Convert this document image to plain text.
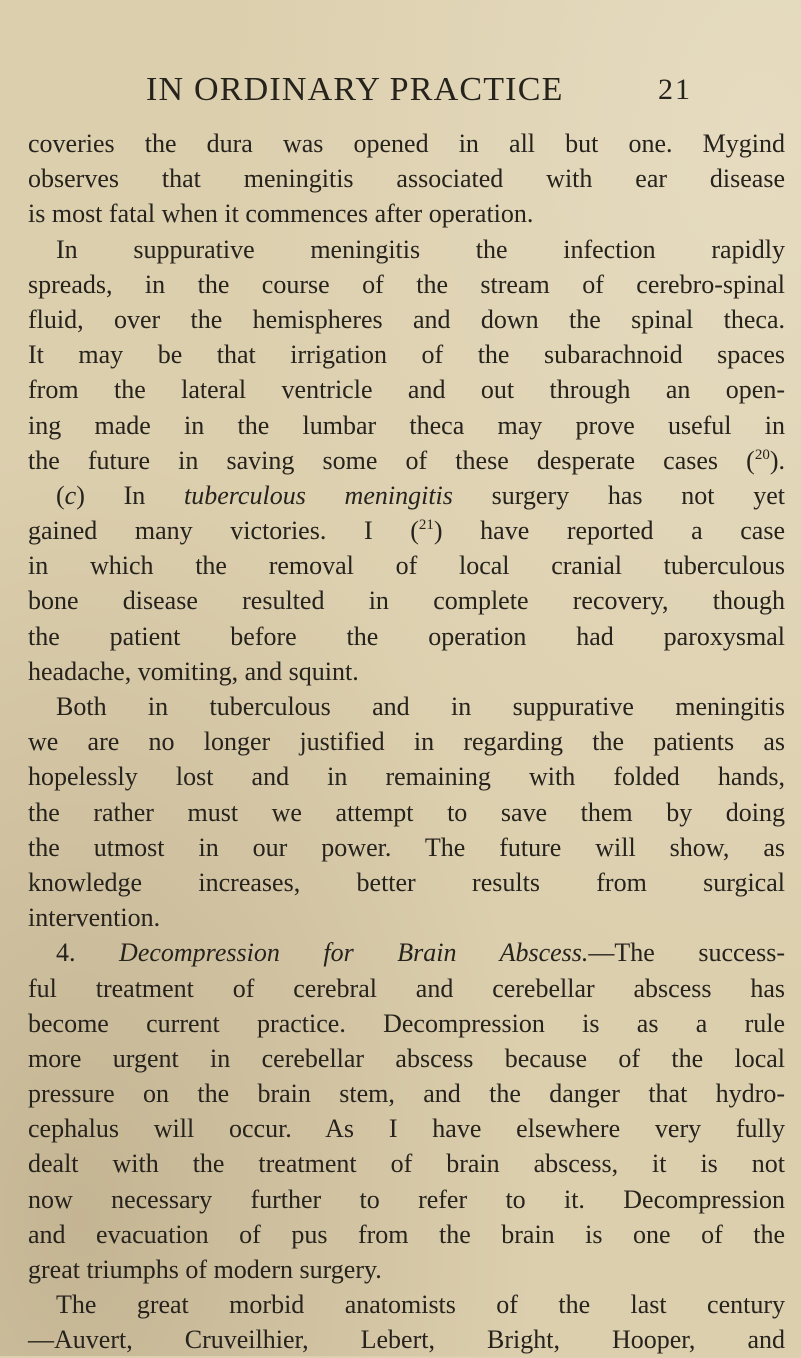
IN ORDINARY PRACTICE	21
coveries the dura was opened in all but one. Mygind
observes that meningitis associated with ear disease
is most fatal when it commences after operation.
In suppurative meningitis the infection rapidly
spreads, in the course of the stream of cerebro-spinal
fluid, over the hemispheres and down the spinal theca.
It may be that irrigation of the subarachnoid spaces
from the lateral ventricle and out through an open-
ing made in the lumbar theca may prove useful in
the future in saving some of these desperate cases ($^{20}$).
(c) In tuberculous meningitis surgery has not yet
gained many victories. I ($^{21}$) have reported a case
in which the removal of local cranial tuberculous
bone disease resulted in complete recovery, though
the patient before the operation had paroxysmal
headache, vomiting, and squint.
Both in tuberculous and in suppurative meningitis
we are no longer justified in regarding the patients as
hopelessly lost and in remaining with folded hands,
the rather must we attempt to save them by doing
the utmost in our power. The future will show, as
knowledge increases, better results from surgical
intervention.
4. Decompression for Brain Abscess.—The success-
ful treatment of cerebral and cerebellar abscess has
become current practice. Decompression is as a rule
more urgent in cerebellar abscess because of the local
pressure on the brain stem, and the danger that hydro-
cephalus will occur. As I have elsewhere very fully
dealt with the treatment of brain abscess, it is not
now necessary further to refer to it. Decompression
and evacuation of pus from the brain is one of the
great triumphs of modern surgery.
The great morbid anatomists of the last century
—Auvert, Cruveilhier, Lebert, Bright, Hooper, and
